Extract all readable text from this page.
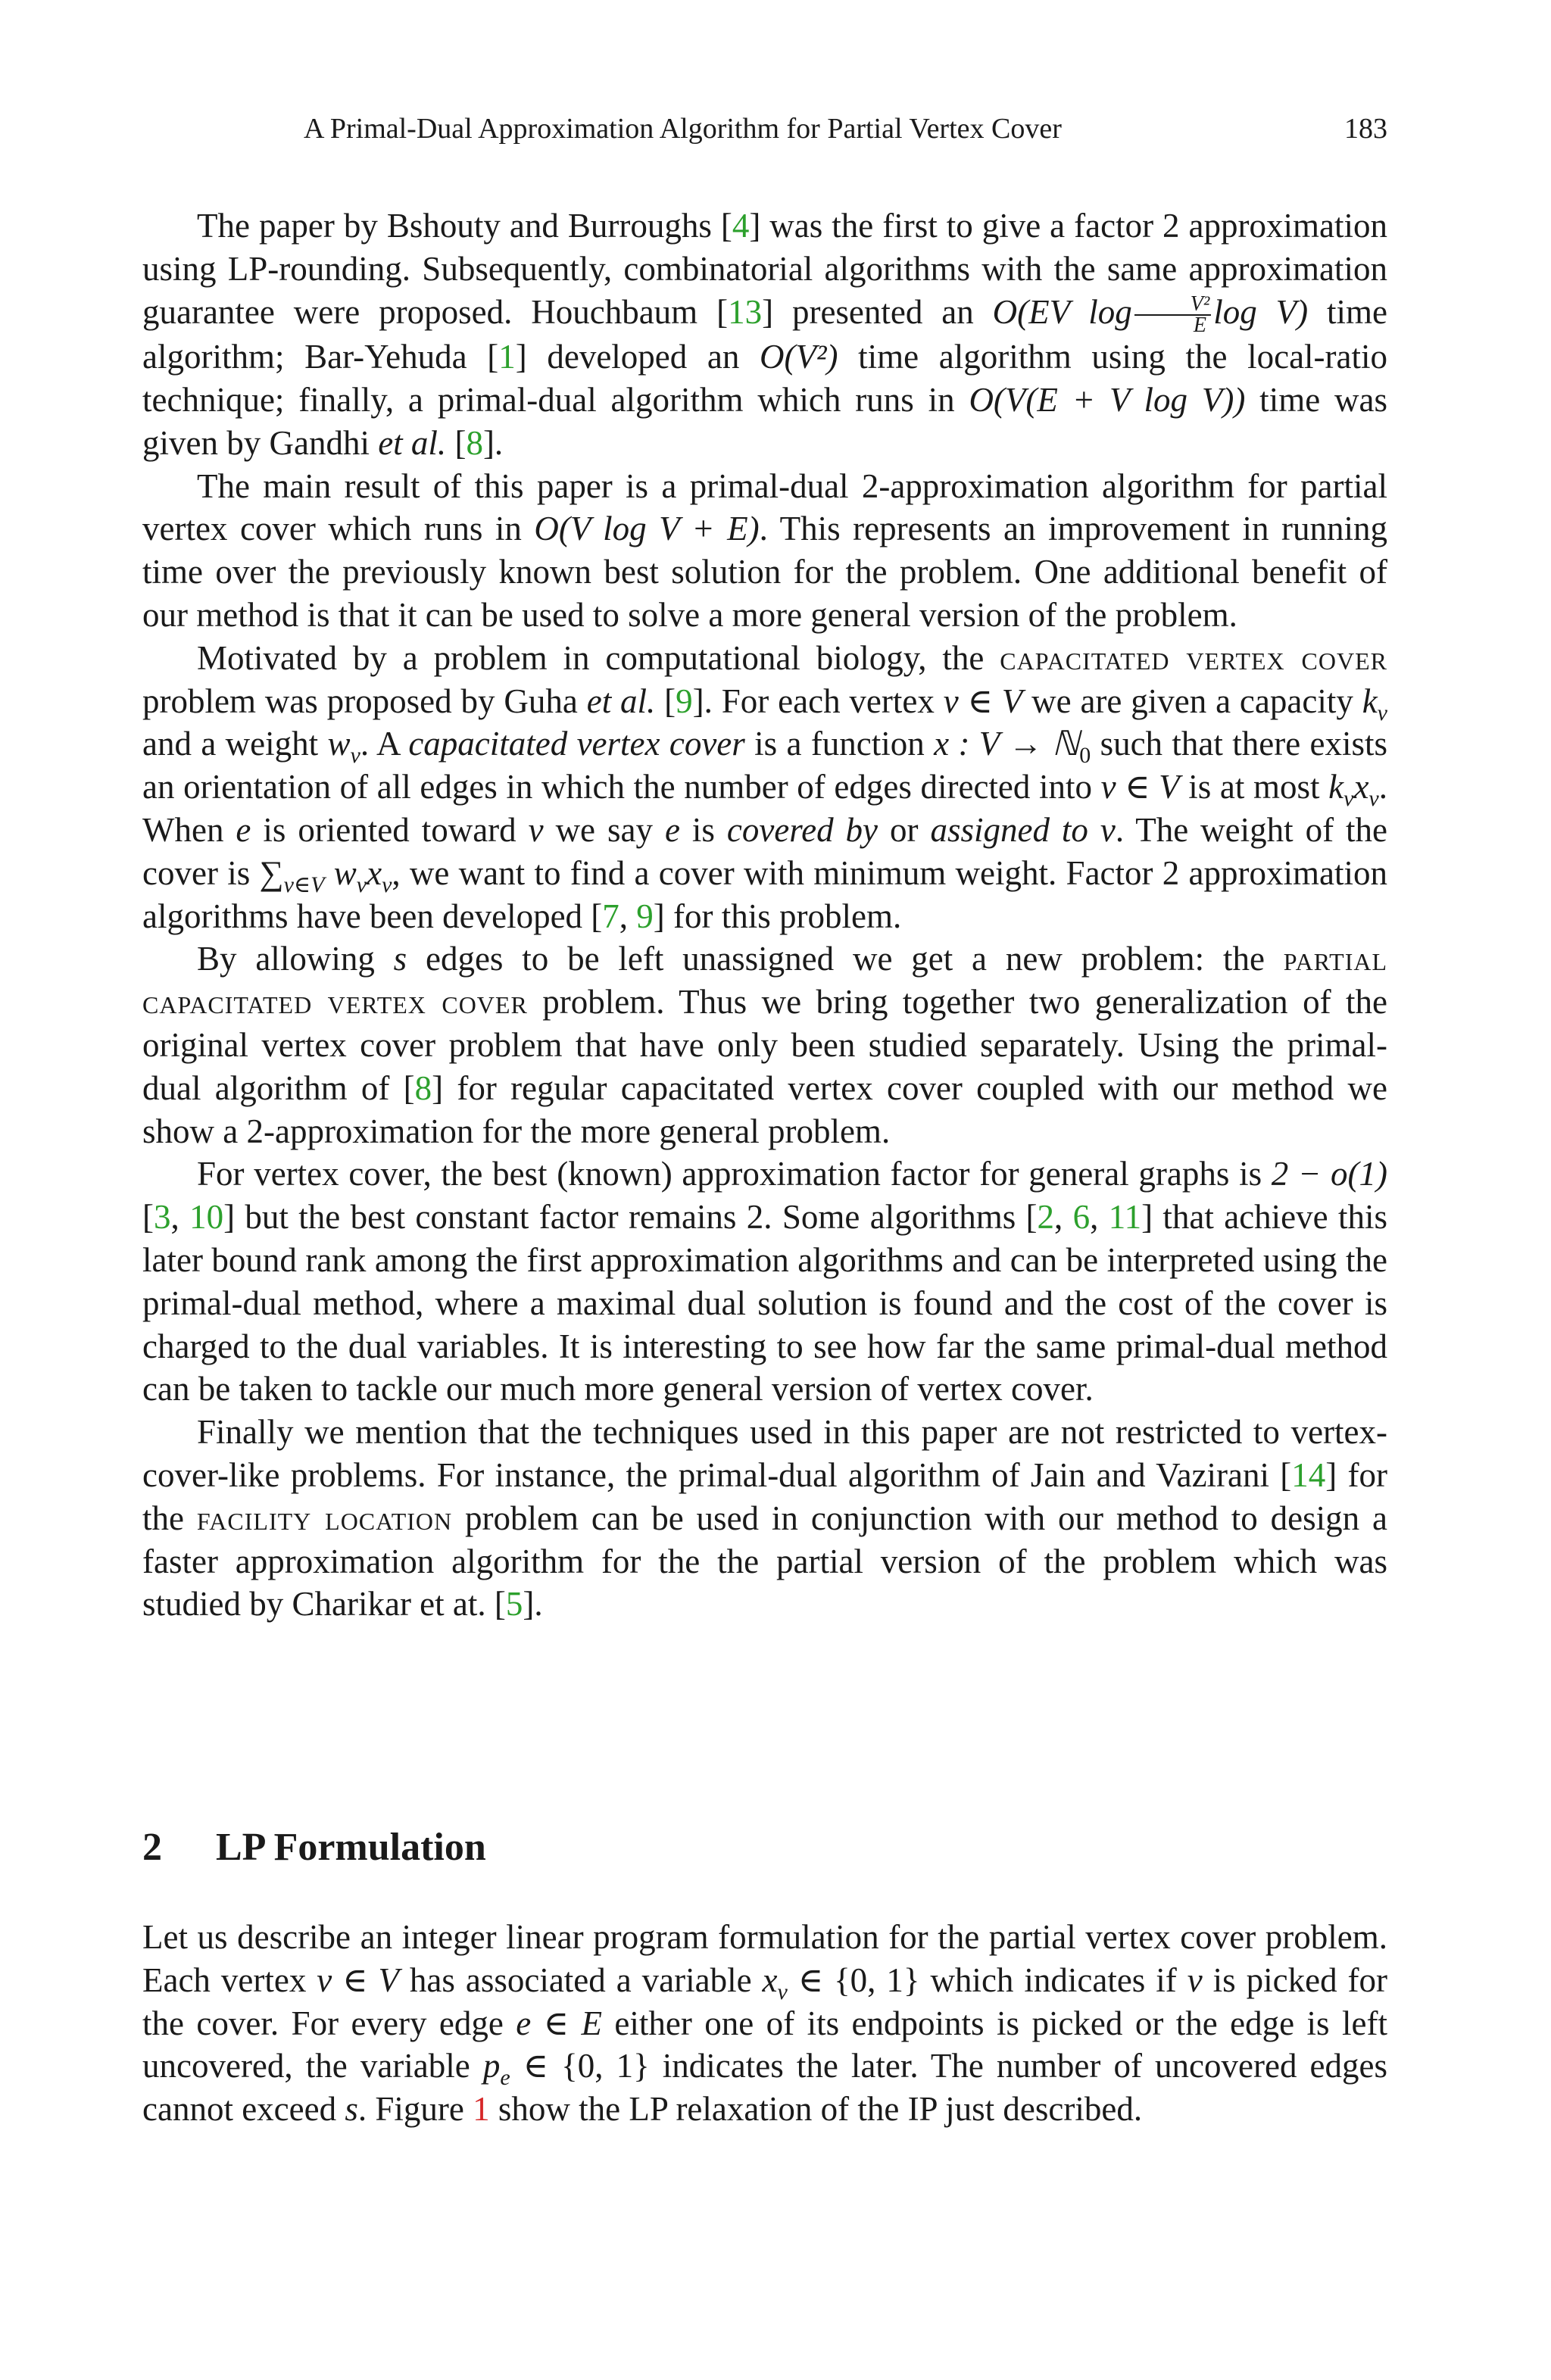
A Primal-Dual Approximation Algorithm for Partial Vertex Cover	183

The paper by Bshouty and Burroughs [4] was the first to give a factor 2 approximation using LP-rounding. Subsequently, combinatorial algorithms with the same approximation guarantee were proposed. Houchbaum [13] presented an O(EV $\log \frac{\text{V²}}{E}$ log V) time algorithm; Bar-Yehuda [1] developed an O(V²) time algorithm using the local-ratio technique; finally, a primal-dual algorithm which runs in O(V(E + V log V)) time was given by Gandhi et al. [8].

The main result of this paper is a primal-dual 2-approximation algorithm for partial vertex cover which runs in O(V log V + E). This represents an improvement in running time over the previously known best solution for the problem. One additional benefit of our method is that it can be used to solve a more general version of the problem.

Motivated by a problem in computational biology, the capacitated vertex cover problem was proposed by Guha et al. [9]. For each vertex v ∈ V we are given a capacity $k_v$ and a weight $w_v$. A capacitated vertex cover is a function x : V → ℕ$_0$ such that there exists an orientation of all edges in which the number of edges directed into v ∈ V is at most $k_vx_v$. When e is oriented toward v we say e is covered by or assigned to v. The weight of the cover is $\sum_{v\in V}$ $w_vx_v$, we want to find a cover with minimum weight. Factor 2 approximation algorithms have been developed [7, 9] for this problem.

By allowing s edges to be left unassigned we get a new problem: the partial capacitated vertex cover problem. Thus we bring together two generalization of the original vertex cover problem that have only been studied separately. Using the primal-dual algorithm of [8] for regular capacitated vertex cover coupled with our method we show a 2-approximation for the more general problem.

For vertex cover, the best (known) approximation factor for general graphs is 2 − o(1) [3, 10] but the best constant factor remains 2. Some algorithms [2, 6, 11] that achieve this later bound rank among the first approximation algorithms and can be interpreted using the primal-dual method, where a maximal dual solution is found and the cost of the cover is charged to the dual variables. It is interesting to see how far the same primal-dual method can be taken to tackle our much more general version of vertex cover.

Finally we mention that the techniques used in this paper are not restricted to vertex-cover-like problems. For instance, the primal-dual algorithm of Jain and Vazirani [14] for the facility location problem can be used in conjunction with our method to design a faster approximation algorithm for the the partial version of the problem which was studied by Charikar et at. [5].

2 LP Formulation

Let us describe an integer linear program formulation for the partial vertex cover problem. Each vertex v ∈ V has associated a variable $x_v$ ∈ {0, 1} which indicates if v is picked for the cover. For every edge e ∈ E either one of its endpoints is picked or the edge is left uncovered, the variable $p_e$ ∈ {0, 1} indicates the later. The number of uncovered edges cannot exceed s. Figure 1 show the LP relaxation of the IP just described.
